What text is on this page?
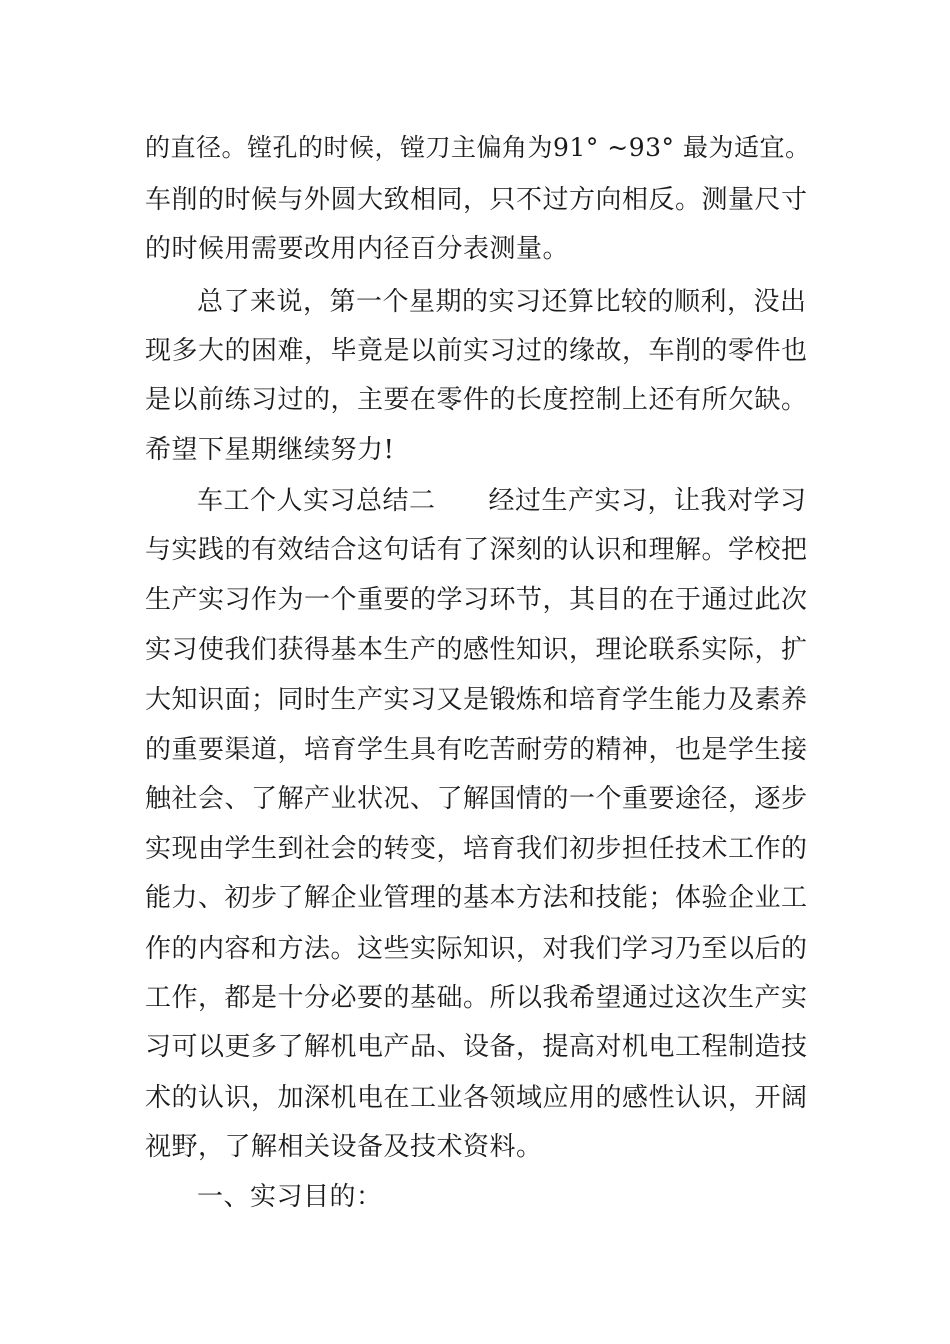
的直径。镗孔的时候，镗刀主偏角为91° ~93° 最为适宜。
车削的时候与外圆大致相同，只不过方向相反。测量尺寸
的时候用需要改用内径百分表测量。
总了来说，第一个星期的实习还算比较的顺利，没出
现多大的困难，毕竟是以前实习过的缘故，车削的零件也
是以前练习过的，主要在零件的长度控制上还有所欠缺。
希望下星期继续努力!
车工个人实习总结二　　经过生产实习，让我对学习
与实践的有效结合这句话有了深刻的认识和理解。学校把
生产实习作为一个重要的学习环节，其目的在于通过此次
实习使我们获得基本生产的感性知识，理论联系实际，扩
大知识面；同时生产实习又是锻炼和培育学生能力及素养
的重要渠道，培育学生具有吃苦耐劳的精神，也是学生接
触社会、了解产业状况、了解国情的一个重要途径，逐步
实现由学生到社会的转变，培育我们初步担任技术工作的
能力、初步了解企业管理的基本方法和技能；体验企业工
作的内容和方法。这些实际知识，对我们学习乃至以后的
工作，都是十分必要的基础。所以我希望通过这次生产实
习可以更多了解机电产品、设备，提高对机电工程制造技
术的认识，加深机电在工业各领域应用的感性认识，开阔
视野，了解相关设备及技术资料。
一、实习目的：
